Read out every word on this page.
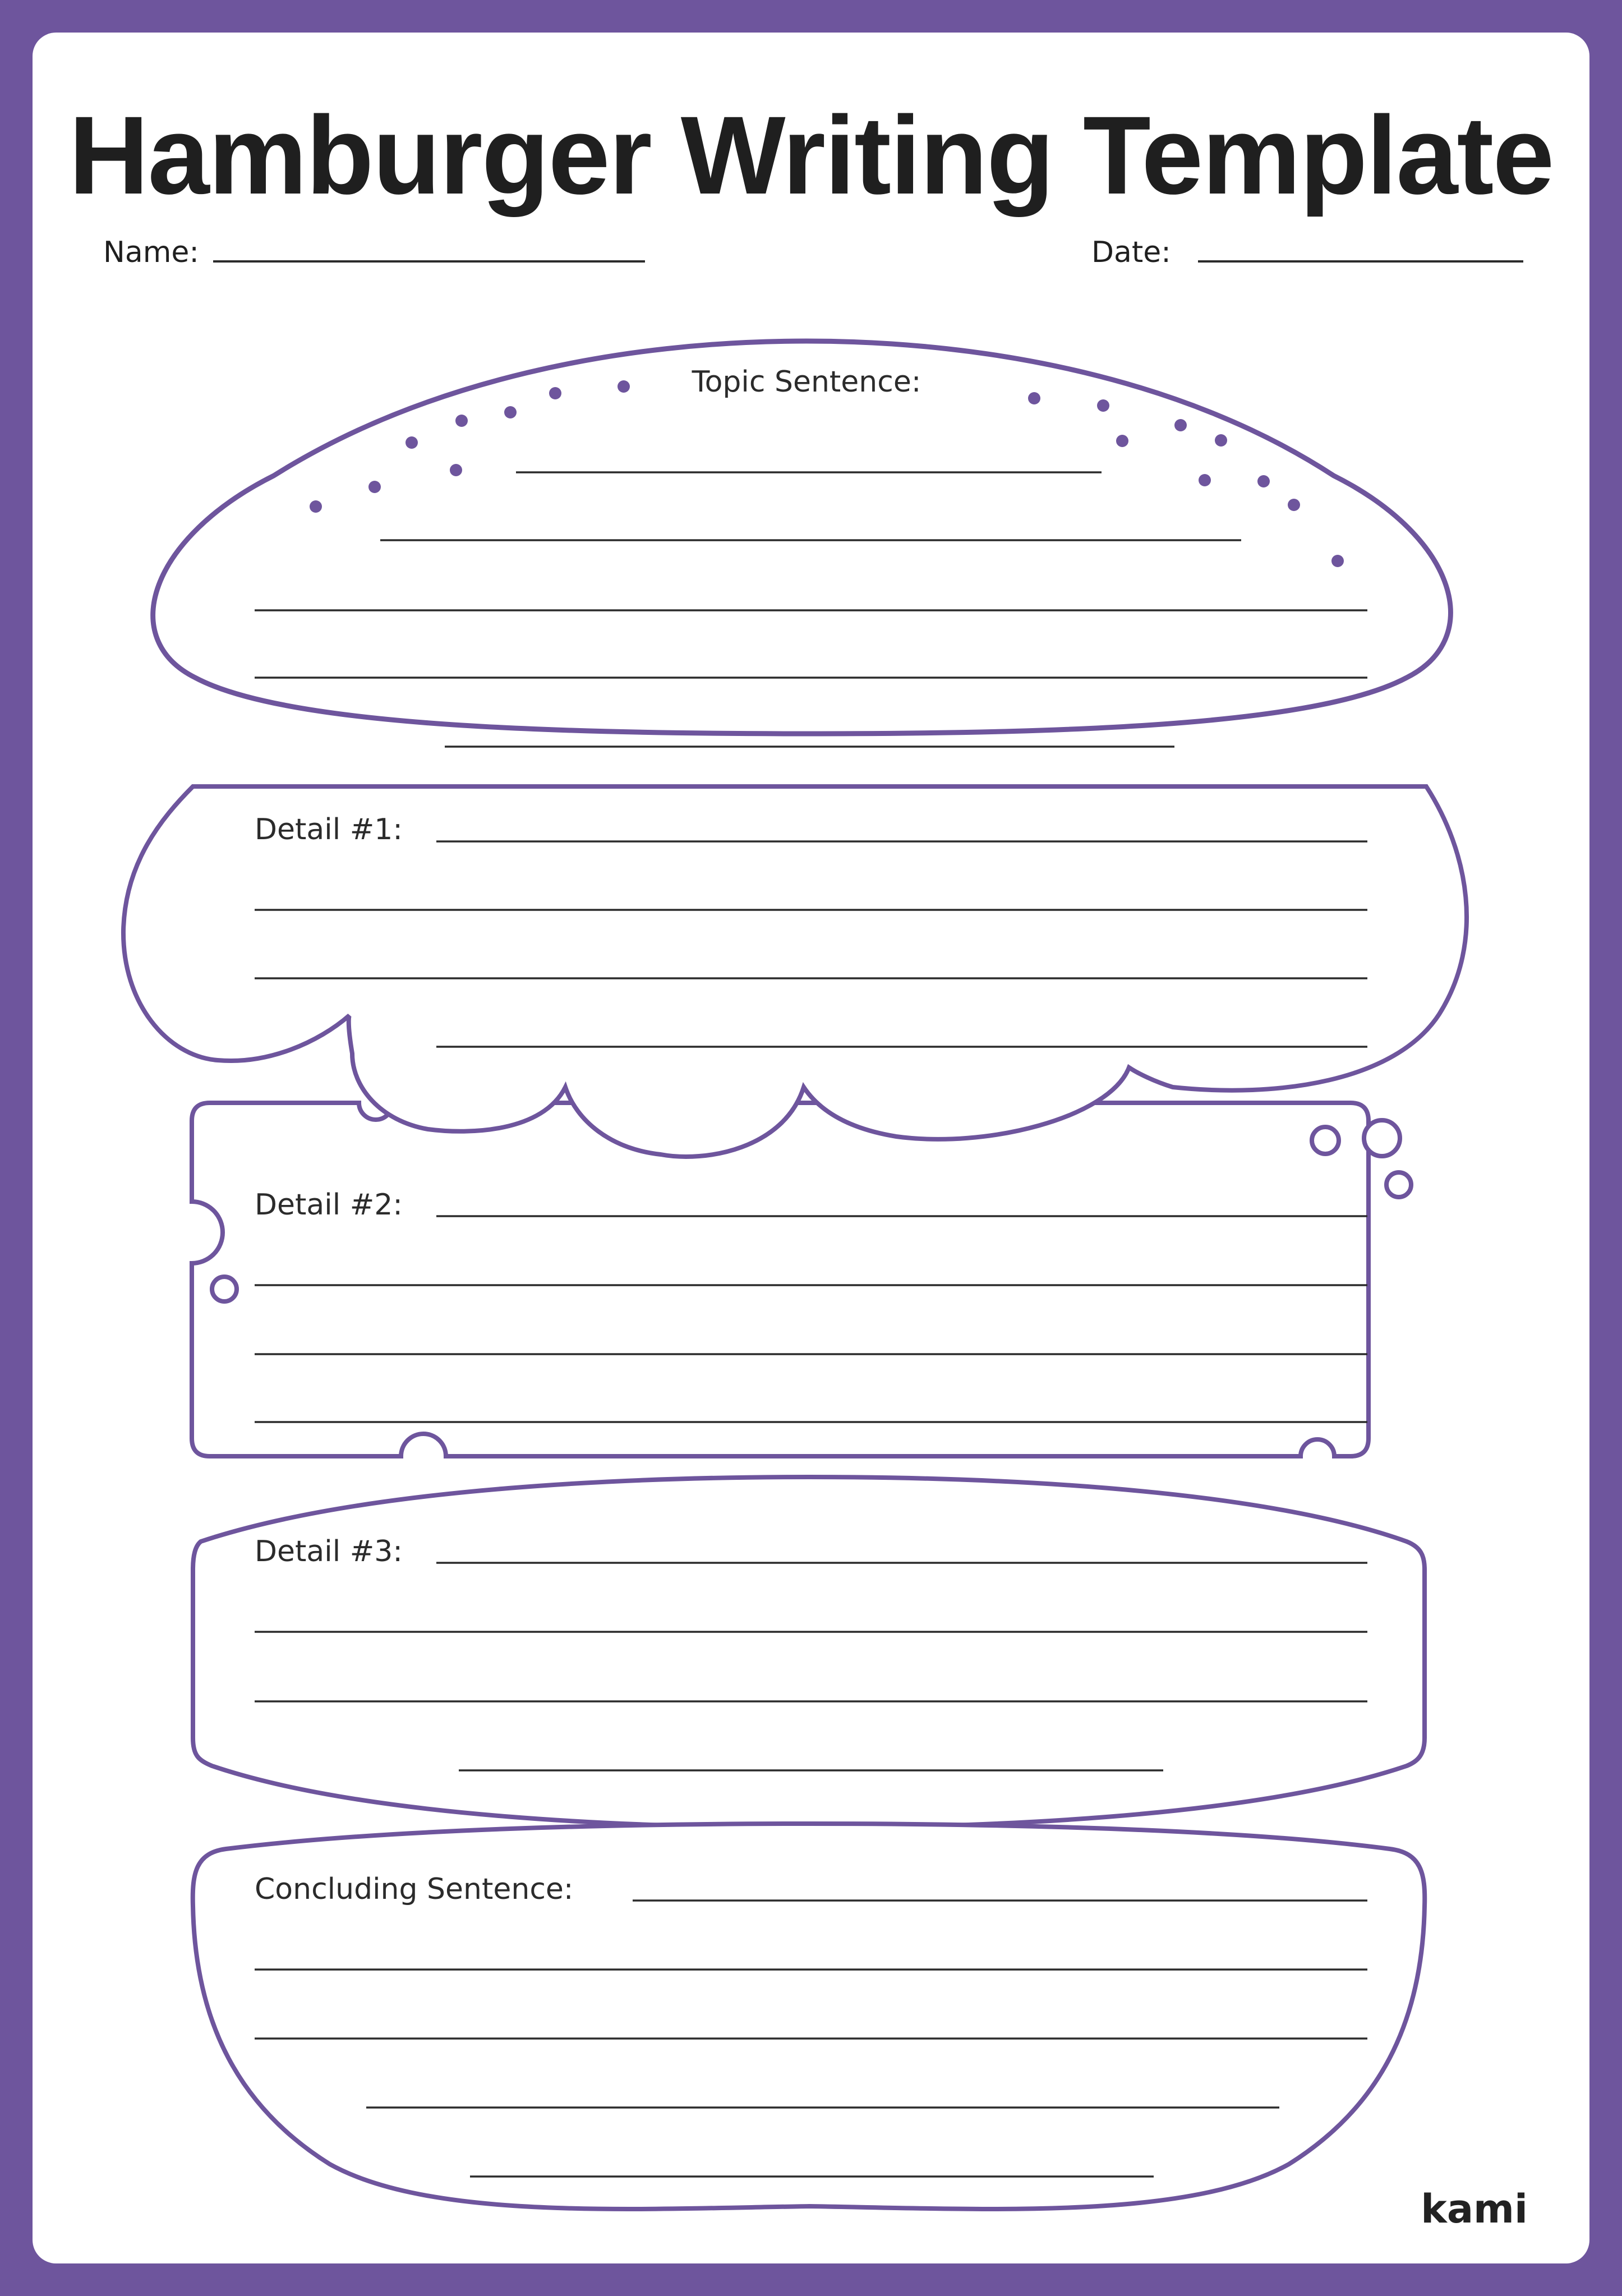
Hamburger Writing Template
Name:	Date:
Topic Sentence:
Detail #2:
Detail #1:
Detail #3:
Concluding Sentence:
kami
